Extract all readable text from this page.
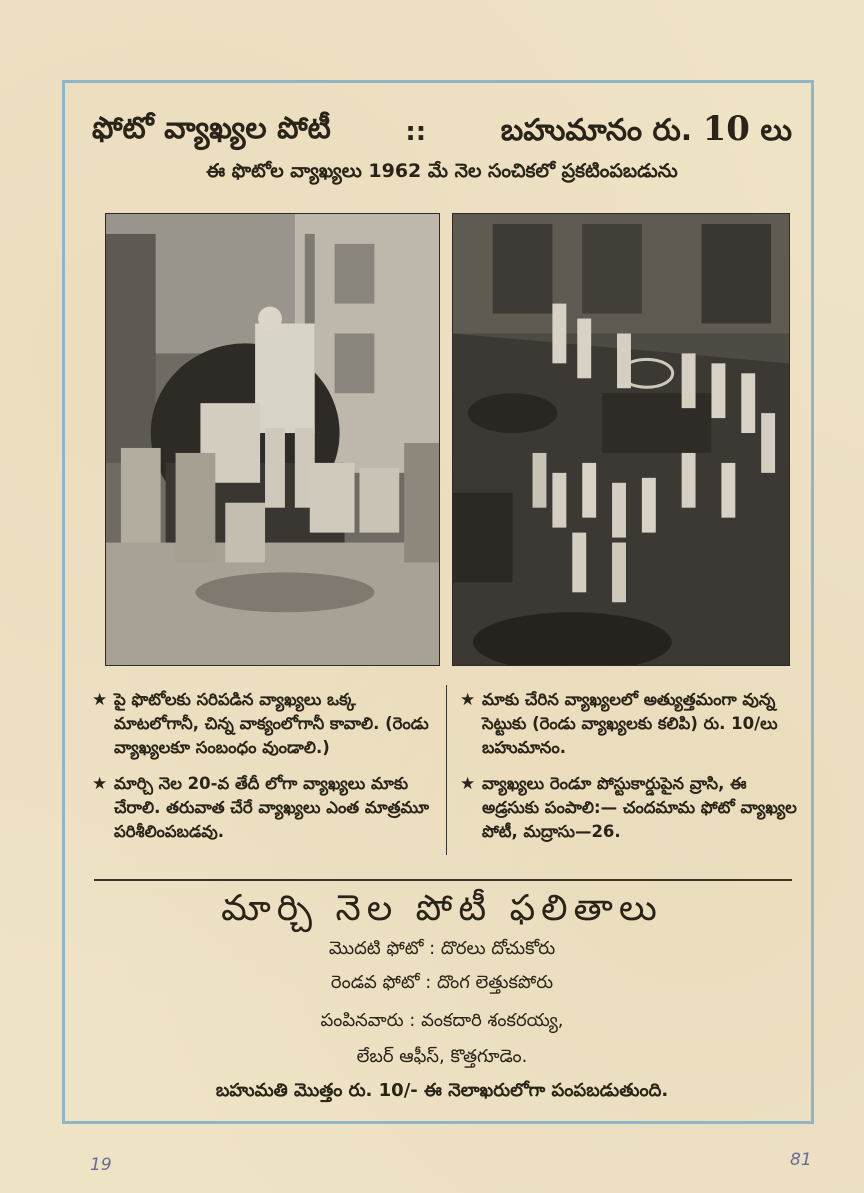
ఫోటో వ్యాఖ్యల పోటీ	:: బహుమానం రు. 10 లు
ఈ ఫొటోల వ్యాఖ్యలు 1962 మే నెల సంచికలో ప్రకటింపబడును
★ పై ఫొటోలకు సరిపడిన వ్యాఖ్యలు ఒక్క మాటలోగానీ, చిన్న వాక్యంలోగానీ కావాలి. (రెండు వ్యాఖ్యలకూ సంబంధం వుండాలి.)
★ మార్చి నెల 20-వ తేదీ లోగా వ్యాఖ్యలు మాకు చేరాలి. తరువాత చేరే వ్యాఖ్యలు ఎంత మాత్రమూ పరిశీలింపబడవు.
★ మాకు చేరిన వ్యాఖ్యలలో అత్యుత్తమంగా వున్న సెట్టుకు (రెండు వ్యాఖ్యలకు కలిపి) రు. 10/లు బహుమానం.
★ వ్యాఖ్యలు రెండూ పోస్టుకార్డుపైన వ్రాసి, ఈ అడ్రసుకు పంపాలి:— చందమామ ఫోటో వ్యాఖ్యల పోటీ, మద్రాసు—26.
మార్చి నెల పోటీ ఫలితాలు
మొదటి ఫోటో : దొరలు దోచుకోరు
రెండవ ఫోటో : దొంగ లెత్తుకపోరు
పంపినవారు : వంకదారి శంకరయ్య,
లేబర్ ఆఫీస్, కొత్తగూడెం.
బహుమతి మొత్తం రు. 10/- ఈ నెలాఖరులోగా పంపబడుతుంది.
19	81
